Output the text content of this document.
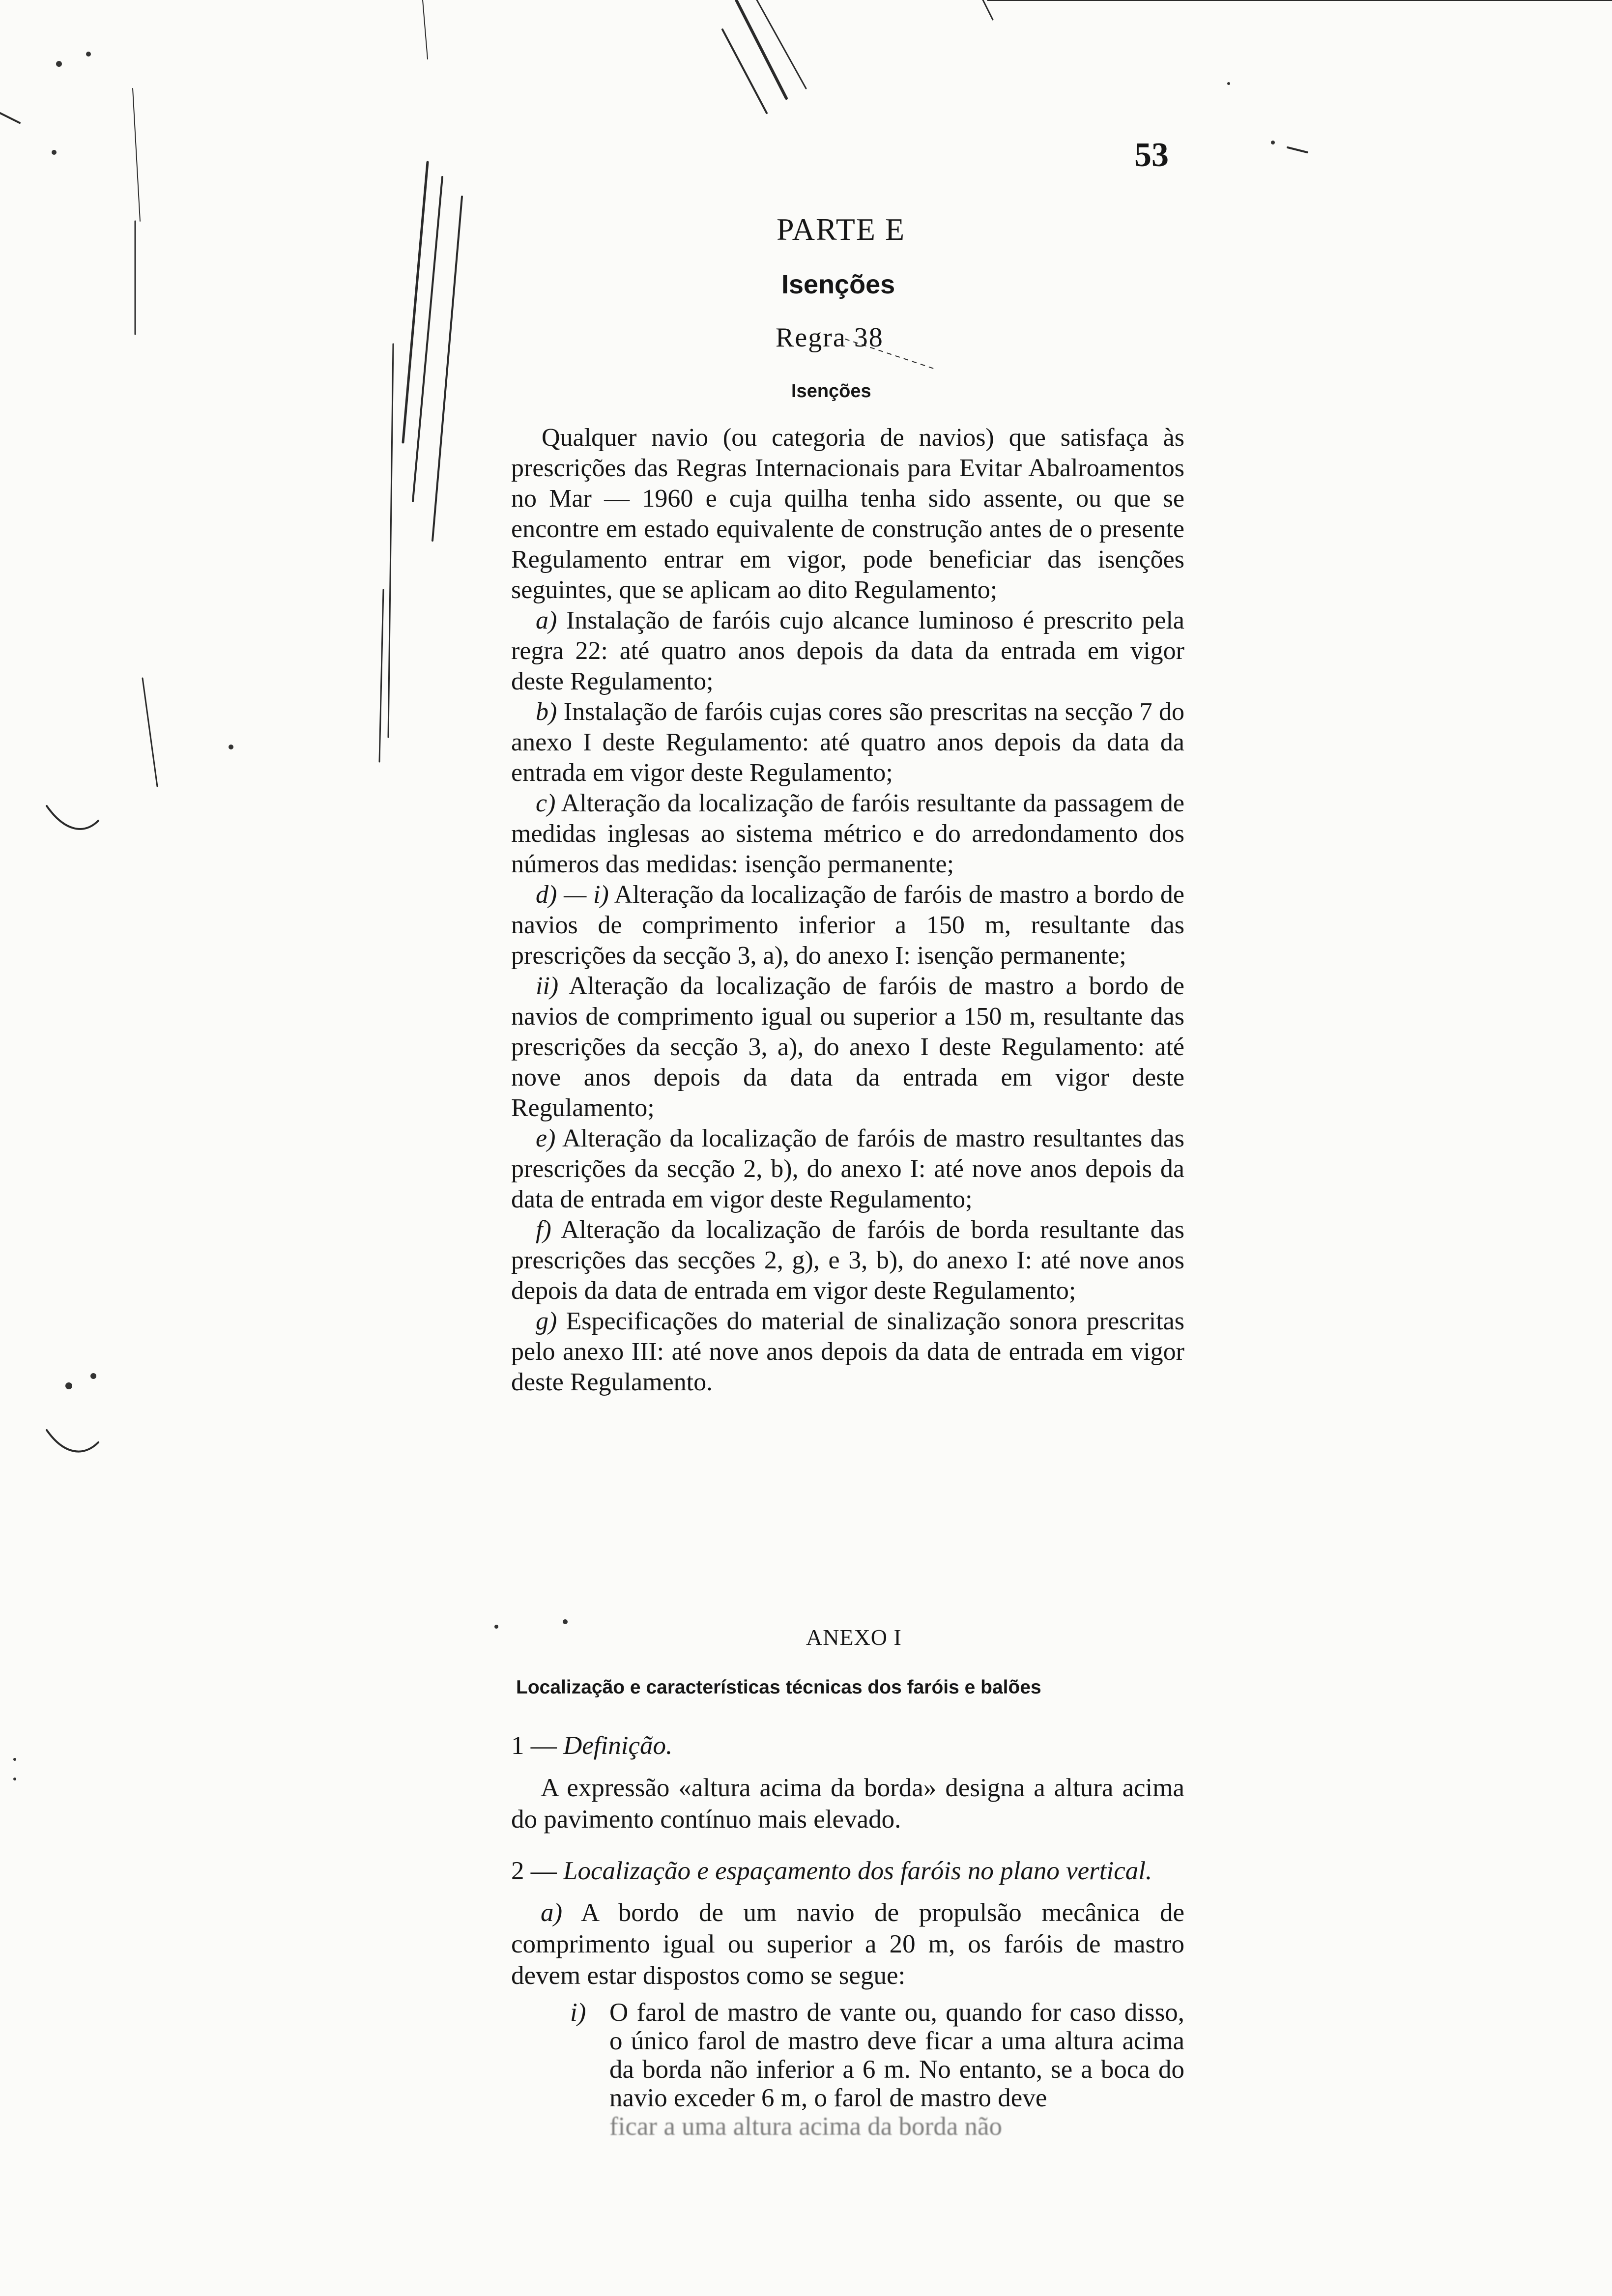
53
PARTE E
Isenções
Regra 38
Isenções

Qualquer navio (ou categoria de navios) que satisfaça às prescrições das Regras Internacionais para Evitar Abalroamentos no Mar — 1960 e cuja quilha tenha sido assente, ou que se encontre em estado equivalente de construção antes de o presente Regulamento entrar em vigor, pode beneficiar das isenções seguintes, que se aplicam ao dito Regulamento;

a) Instalação de faróis cujo alcance luminoso é prescrito pela regra 22: até quatro anos depois da data da entrada em vigor deste Regulamento;

b) Instalação de faróis cujas cores são prescritas na secção 7 do anexo I deste Regulamento: até quatro anos depois da data da entrada em vigor deste Regulamento;

c) Alteração da localização de faróis resultante da passagem de medidas inglesas ao sistema métrico e do arredondamento dos números das medidas: isenção permanente;

d) — i) Alteração da localização de faróis de mastro a bordo de navios de comprimento inferior a 150 m, resultante das prescrições da secção 3, a), do anexo I: isenção permanente;

ii) Alteração da localização de faróis de mastro a bordo de navios de comprimento igual ou superior a 150 m, resultante das prescrições da secção 3, a), do anexo I deste Regulamento: até nove anos depois da data da entrada em vigor deste Regulamento;

e) Alteração da localização de faróis de mastro resultantes das prescrições da secção 2, b), do anexo I: até nove anos depois da data de entrada em vigor deste Regulamento;

f) Alteração da localização de faróis de borda resultante das prescrições das secções 2, g), e 3, b), do anexo I: até nove anos depois da data de entrada em vigor deste Regulamento;

g) Especificações do material de sinalização sonora prescritas pelo anexo III: até nove anos depois da data de entrada em vigor deste Regulamento.

ANEXO I
Localização e características técnicas dos faróis e balões
1 — Definição.

A expressão «altura acima da borda» designa a altura acima do pavimento contínuo mais elevado.

2 — Localização e espaçamento dos faróis no plano vertical.

a) A bordo de um navio de propulsão mecânica de comprimento igual ou superior a 20 m, os faróis de mastro devem estar dispostos como se segue:

i) O farol de mastro de vante ou, quando for caso disso, o único farol de mastro deve ficar a uma altura acima da borda não inferior a 6 m. No entanto, se a boca do navio exceder 6 m, o farol de mastro deve
ficar a uma altura acima da borda não
